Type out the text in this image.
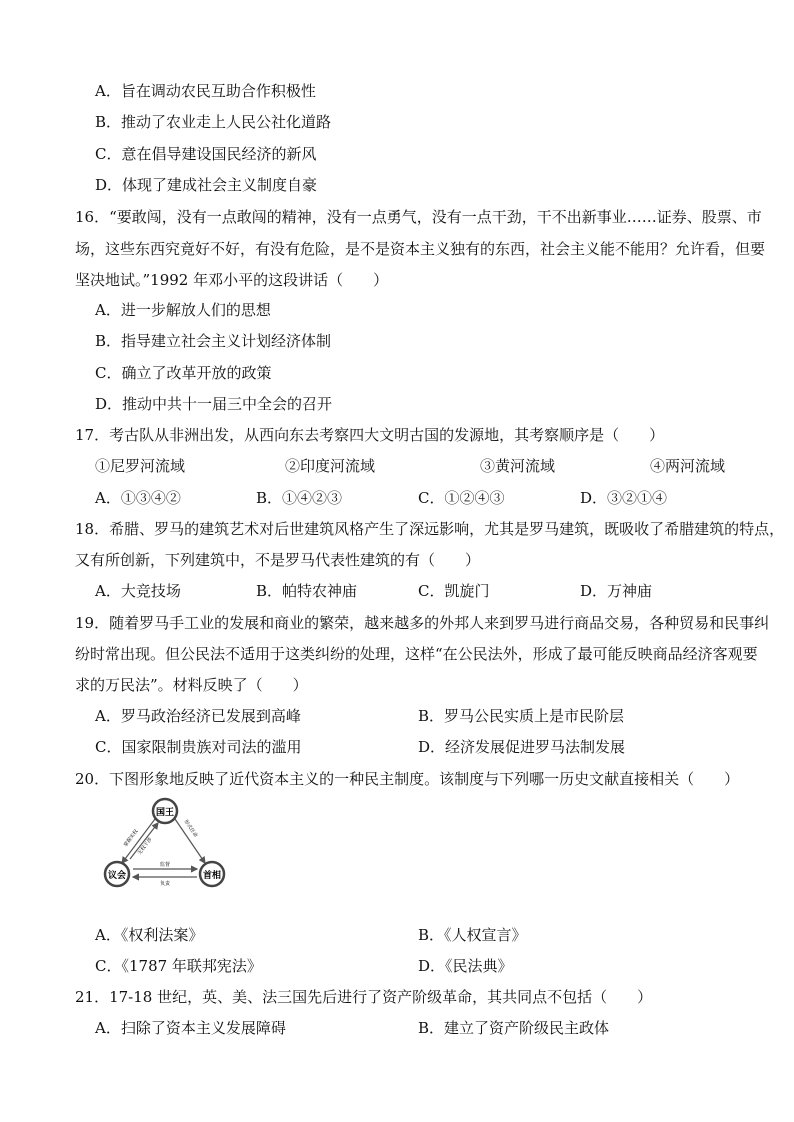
A．旨在调动农民互助合作积极性
B．推动了农业走上人民公社化道路
C．意在倡导建设国民经济的新风
D．体现了建成社会主义制度自豪
16．“要敢闯，没有一点敢闯的精神，没有一点勇气，没有一点干劲，干不出新事业……证券、股票、市
场，这些东西究竟好不好，有没有危险，是不是资本主义独有的东西，社会主义能不能用？允许看，但要
坚决地试。”1992 年邓小平的这段讲话（　　）
A．进一步解放人们的思想
B．指导建立社会主义计划经济体制
C．确立了改革开放的政策
D．推动中共十一届三中全会的召开
17．考古队从非洲出发，从西向东去考察四大文明古国的发源地，其考察顺序是（　　）
①尼罗河流域	②印度河流域	③黄河流域	④两河流域
A．①③④②	B．①④②③	C．①②④③	D．③②①④
18．希腊、罗马的建筑艺术对后世建筑风格产生了深远影响，尤其是罗马建筑，既吸收了希腊建筑的特点，
又有所创新，下列建筑中，不是罗马代表性建筑的有（　　）
A．大竞技场	B．帕特农神庙	C．凯旋门	D．万神庙
19．随着罗马手工业的发展和商业的繁荣，越来越多的外邦人来到罗马进行商品交易，各种贸易和民事纠
纷时常出现。但公民法不适用于这类纠纷的处理，这样“在公民法外，形成了最可能反映商品经济客观要
求的万民法”。材料反映了（　　）
A．罗马政治经济已发展到高峰	B．罗马公民实质上是市民阶层
C．国家限制贵族对司法的滥用	D．经济发展促进罗马法制发展
20．下图形象地反映了近代资本主义的一种民主制度。该制度与下列哪一历史文献直接相关（　　）
国王
议会	首相
掌握实权
无权干涉
形式任命
监督
负责
A．《权利法案》	B．《人权宣言》
C．《1787 年联邦宪法》	D．《民法典》
21．17-18 世纪，英、美、法三国先后进行了资产阶级革命，其共同点不包括（　　）
A．扫除了资本主义发展障碍	B．建立了资产阶级民主政体
